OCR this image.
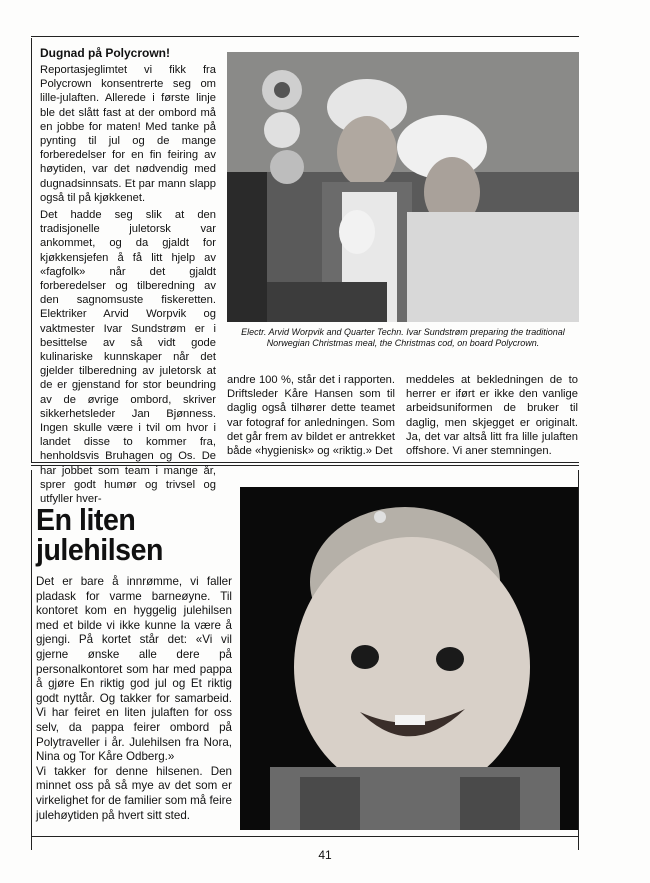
Dugnad på Polycrown!

Reportasjeglimtet vi fikk fra Polycrown konsentrerte seg om lille-julaften. Allerede i første linje ble det slått fast at der ombord må en jobbe for maten! Med tanke på pynting til jul og de mange forberedelser for en fin feiring av høytiden, var det nødvendig med dugnadsinnsats. Et par mann slapp også til på kjøkkenet.

Det hadde seg slik at den tradisjonelle juletorsk var ankommet, og da gjaldt for kjøkkensjefen å få litt hjelp av «fagfolk» når det gjaldt forberedelser og tilberedning av den sagnomsuste fiskeretten. Elektriker Arvid Worpvik og vaktmester Ivar Sundstrøm er i besittelse av så vidt gode kulinariske kunnskaper når det gjelder tilberedning av juletorsk at de er gjenstand for stor beundring av de øvrige ombord, skriver sikkerhetsleder Jan Bjønness. Ingen skulle være i tvil om hvor i landet disse to kommer fra, henholdsvis Bruhagen og Os. De har jobbet som team i mange år, sprer godt humør og trivsel og utfyller hver-

Electr. Arvid Worpvik and Quarter Techn. Ivar Sundstrøm preparing the traditional Norwegian Christmas meal, the Christmas cod, on board Polycrown.
andre 100 %, står det i rapporten. Driftsleder Kåre Hansen som til daglig også tilhører dette teamet var fotograf for anledningen. Som det går frem av bildet er antrekket både «hygienisk» og «riktig.» Det
meddeles at bekledningen de to herrer er iført er ikke den vanlige arbeidsuniformen de bruker til daglig, men skjegget er originalt. Ja, det var altså litt fra lille julaften offshore. Vi aner stemningen.
En liten julehilsen
Det er bare å innrømme, vi faller pladask for varme barneøyne. Til kontoret kom en hyggelig julehilsen med et bilde vi ikke kunne la være å gjengi. På kortet står det: «Vi vil gjerne ønske alle dere på personalkontoret som har med pappa å gjøre En riktig god jul og Et riktig godt nyttår. Og takker for samarbeid. Vi har feiret en liten julaften for oss selv, da pappa feirer ombord på Polytraveller i år. Julehilsen fra Nora, Nina og Tor Kåre Odberg.»
Vi takker for denne hilsenen. Den minnet oss på så mye av det som er virkelighet for de familier som må feire julehøytiden på hvert sitt sted.
41
